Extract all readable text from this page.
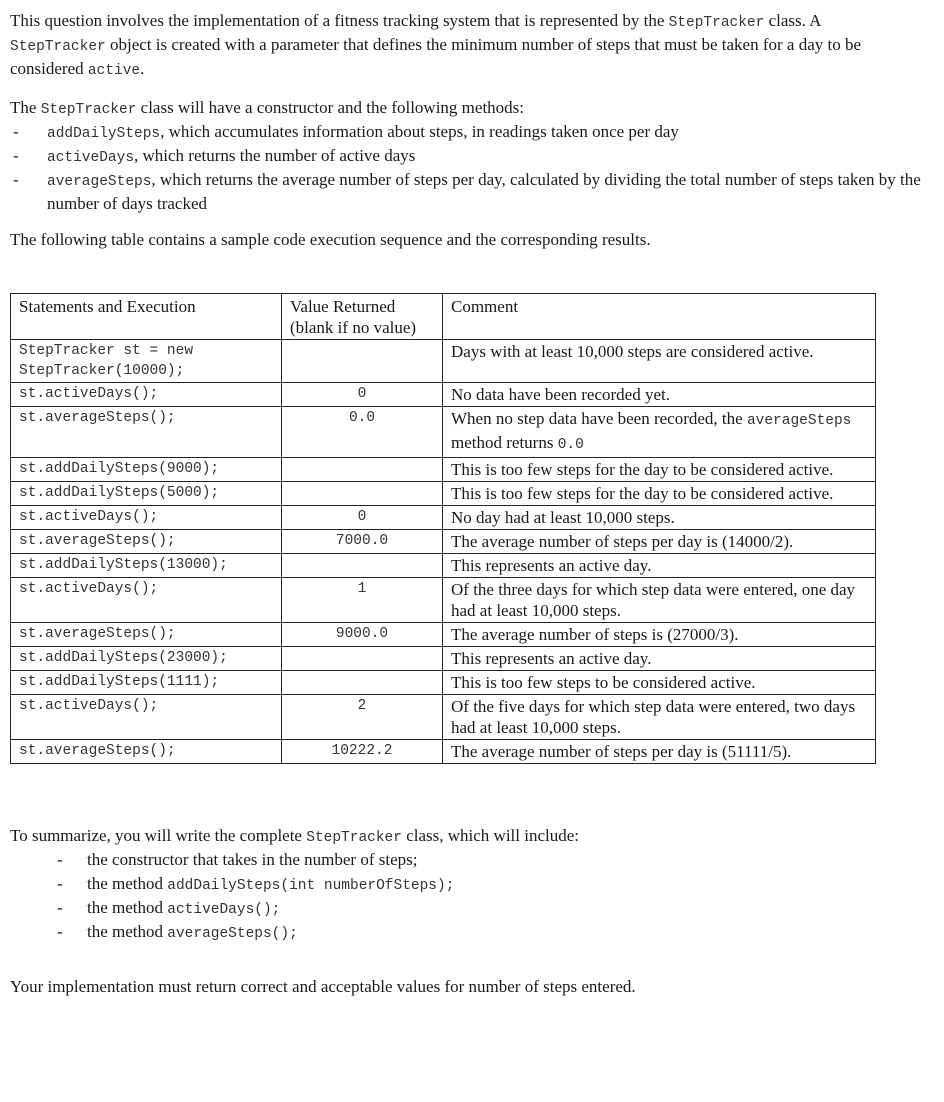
This question involves the implementation of a fitness tracking system that is represented by the StepTracker class. A StepTracker object is created with a parameter that defines the minimum number of steps that must be taken for a day to be considered active.

The StepTracker class will have a constructor and the following methods:

- addDailySteps, which accumulates information about steps, in readings taken once per day
- activeDays, which returns the number of active days
- averageSteps, which returns the average number of steps per day, calculated by dividing the total number of steps taken by the number of days tracked

The following table contains a sample code execution sequence and the corresponding results.

Statements and Execution	Value Returned (blank if no value)	Comment
StepTracker st = new StepTracker(10000);		Days with at least 10,000 steps are considered active.
st.activeDays();	0	No data have been recorded yet.
st.averageSteps();	0.0	When no step data have been recorded, the averageSteps method returns 0.0
st.addDailySteps(9000);		This is too few steps for the day to be considered active.
st.addDailySteps(5000);		This is too few steps for the day to be considered active.
st.activeDays();	0	No day had at least 10,000 steps.
st.averageSteps();	7000.0	The average number of steps per day is (14000/2).
st.addDailySteps(13000);		This represents an active day.
st.activeDays();	1	Of the three days for which step data were entered, one day had at least 10,000 steps.
st.averageSteps();	9000.0	The average number of steps is (27000/3).
st.addDailySteps(23000);		This represents an active day.
st.addDailySteps(1111);		This is too few steps to be considered active.
st.activeDays();	2	Of the five days for which step data were entered, two days had at least 10,000 steps.
st.averageSteps();	10222.2	The average number of steps per day is (51111/5).

To summarize, you will write the complete StepTracker class, which will include:

- the constructor that takes in the number of steps;
- the method addDailySteps(int numberOfSteps);
- the method activeDays();
- the method averageSteps();

Your implementation must return correct and acceptable values for number of steps entered.
